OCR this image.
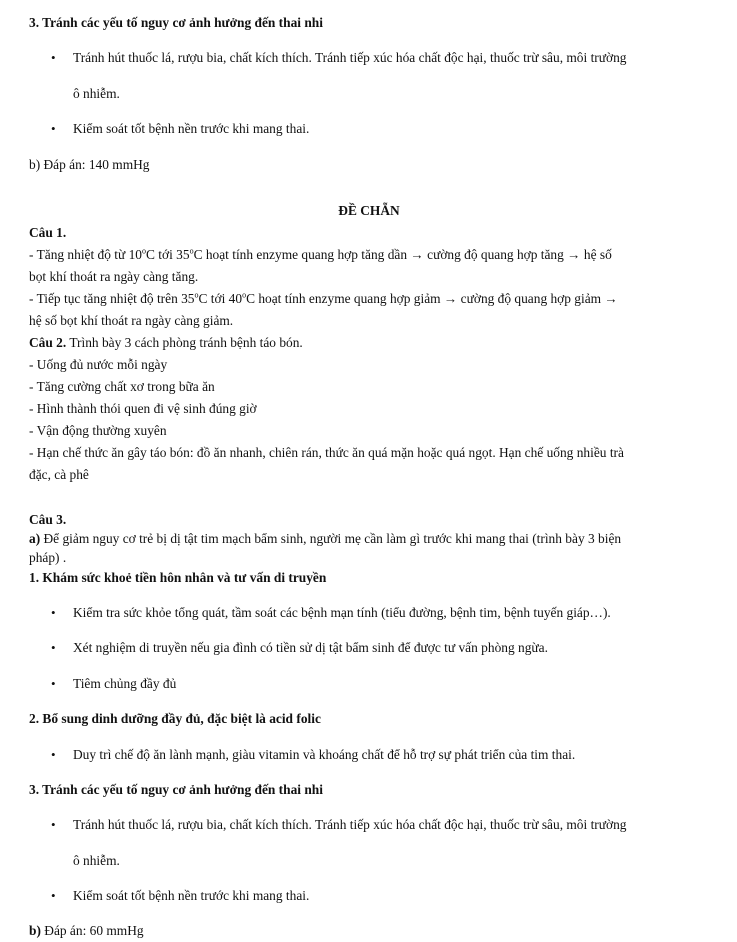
3. Tránh các yếu tố nguy cơ ảnh hưởng đến thai nhi

• Tránh hút thuốc lá, rượu bia, chất kích thích. Tránh tiếp xúc hóa chất độc hại, thuốc trừ sâu, môi trường

ô nhiễm.

• Kiểm soát tốt bệnh nền trước khi mang thai.

b) Đáp án: 140 mmHg

ĐỀ CHẴN

Câu 1.

- Tăng nhiệt độ từ 10$^o$C tới 35$^o$C hoạt tính enzyme quang hợp tăng dần → cường độ quang hợp tăng → hệ số

bọt khí thoát ra ngày càng tăng.

- Tiếp tục tăng nhiệt độ trên 35$^o$C tới 40$^o$C hoạt tính enzyme quang hợp giảm → cường độ quang hợp giảm →

hệ số bọt khí thoát ra ngày càng giảm.

Câu 2. Trình bày 3 cách phòng tránh bệnh táo bón.

- Uống đủ nước mỗi ngày

- Tăng cường chất xơ trong bữa ăn

- Hình thành thói quen đi vệ sinh đúng giờ

- Vận động thường xuyên

- Hạn chế thức ăn gây táo bón: đồ ăn nhanh, chiên rán, thức ăn quá mặn hoặc quá ngọt. Hạn chế uống nhiều trà

đặc, cà phê

Câu 3.

a) Để giảm nguy cơ trẻ bị dị tật tim mạch bẩm sinh, người mẹ cần làm gì trước khi mang thai (trình bày 3 biện

pháp) .

1. Khám sức khoẻ tiền hôn nhân và tư vấn di truyền

• Kiểm tra sức khỏe tổng quát, tầm soát các bệnh mạn tính (tiểu đường, bệnh tim, bệnh tuyến giáp…).

• Xét nghiệm di truyền nếu gia đình có tiền sử dị tật bẩm sinh để được tư vấn phòng ngừa.

• Tiêm chủng đầy đủ

2. Bổ sung dinh dưỡng đầy đủ, đặc biệt là acid folic

• Duy trì chế độ ăn lành mạnh, giàu vitamin và khoáng chất để hỗ trợ sự phát triển của tim thai.

3. Tránh các yếu tố nguy cơ ảnh hưởng đến thai nhi

• Tránh hút thuốc lá, rượu bia, chất kích thích. Tránh tiếp xúc hóa chất độc hại, thuốc trừ sâu, môi trường

ô nhiễm.

• Kiểm soát tốt bệnh nền trước khi mang thai.

b) Đáp án: 60 mmHg
